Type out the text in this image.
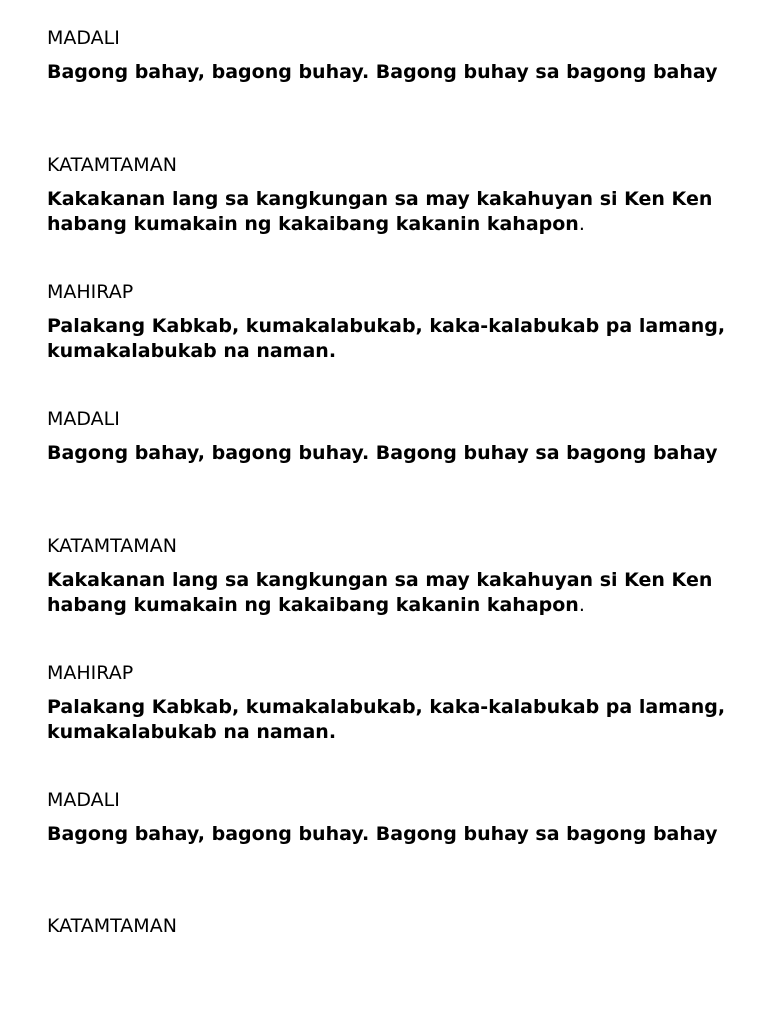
MADALI

Bagong bahay, bagong buhay. Bagong buhay sa bagong bahay

KATAMTAMAN

Kakakanan lang sa kangkungan sa may kakahuyan si Ken Ken habang kumakain ng kakaibang kakanin kahapon.

MAHIRAP

Palakang Kabkab, kumakalabukab, kaka-kalabukab pa lamang, kumakalabukab na naman.

MADALI

Bagong bahay, bagong buhay. Bagong buhay sa bagong bahay

KATAMTAMAN

Kakakanan lang sa kangkungan sa may kakahuyan si Ken Ken habang kumakain ng kakaibang kakanin kahapon.

MAHIRAP

Palakang Kabkab, kumakalabukab, kaka-kalabukab pa lamang, kumakalabukab na naman.

MADALI

Bagong bahay, bagong buhay. Bagong buhay sa bagong bahay

KATAMTAMAN
